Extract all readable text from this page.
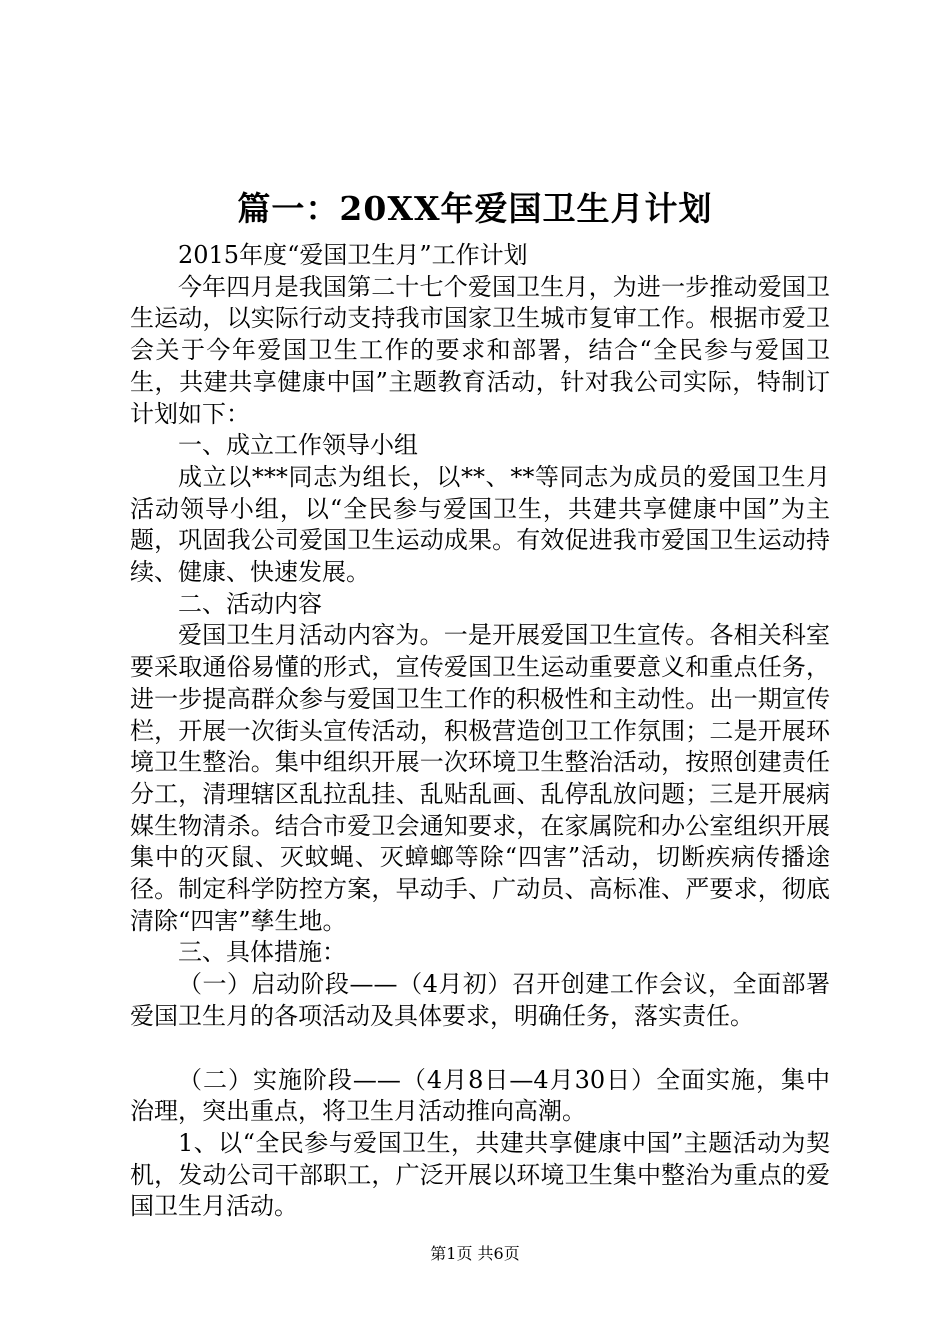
篇一：20XX年爱国卫生月计划

2015年度“爱国卫生月”工作计划

今年四月是我国第二十七个爱国卫生月，为进一步推动爱国卫生运动，以实际行动支持我市国家卫生城市复审工作。根据市爱卫会关于今年爱国卫生工作的要求和部署，结合“全民参与爱国卫生，共建共享健康中国”主题教育活动，针对我公司实际，特制订计划如下：

一、成立工作领导小组

成立以***同志为组长，以**、**等同志为成员的爱国卫生月活动领导小组，以“全民参与爱国卫生，共建共享健康中国”为主题，巩固我公司爱国卫生运动成果。有效促进我市爱国卫生运动持续、健康、快速发展。

二、活动内容

爱国卫生月活动内容为。一是开展爱国卫生宣传。各相关科室要采取通俗易懂的形式，宣传爱国卫生运动重要意义和重点任务，进一步提高群众参与爱国卫生工作的积极性和主动性。出一期宣传栏，开展一次街头宣传活动，积极营造创卫工作氛围；二是开展环境卫生整治。集中组织开展一次环境卫生整治活动，按照创建责任分工，清理辖区乱拉乱挂、乱贴乱画、乱停乱放问题；三是开展病媒生物清杀。结合市爱卫会通知要求，在家属院和办公室组织开展集中的灭鼠、灭蚊蝇、灭蟑螂等除“四害”活动，切断疾病传播途径。制定科学防控方案，早动手、广动员、高标准、严要求，彻底清除“四害”孳生地。

三、具体措施：

（一）启动阶段——（4月初）召开创建工作会议，全面部署爱国卫生月的各项活动及具体要求，明确任务，落实责任。

（二）实施阶段——（4月8日—4月30日）全面实施，集中治理，突出重点，将卫生月活动推向高潮。

1、以“全民参与爱国卫生，共建共享健康中国”主题活动为契机，发动公司干部职工，广泛开展以环境卫生集中整治为重点的爱国卫生月活动。

第1页 共6页
